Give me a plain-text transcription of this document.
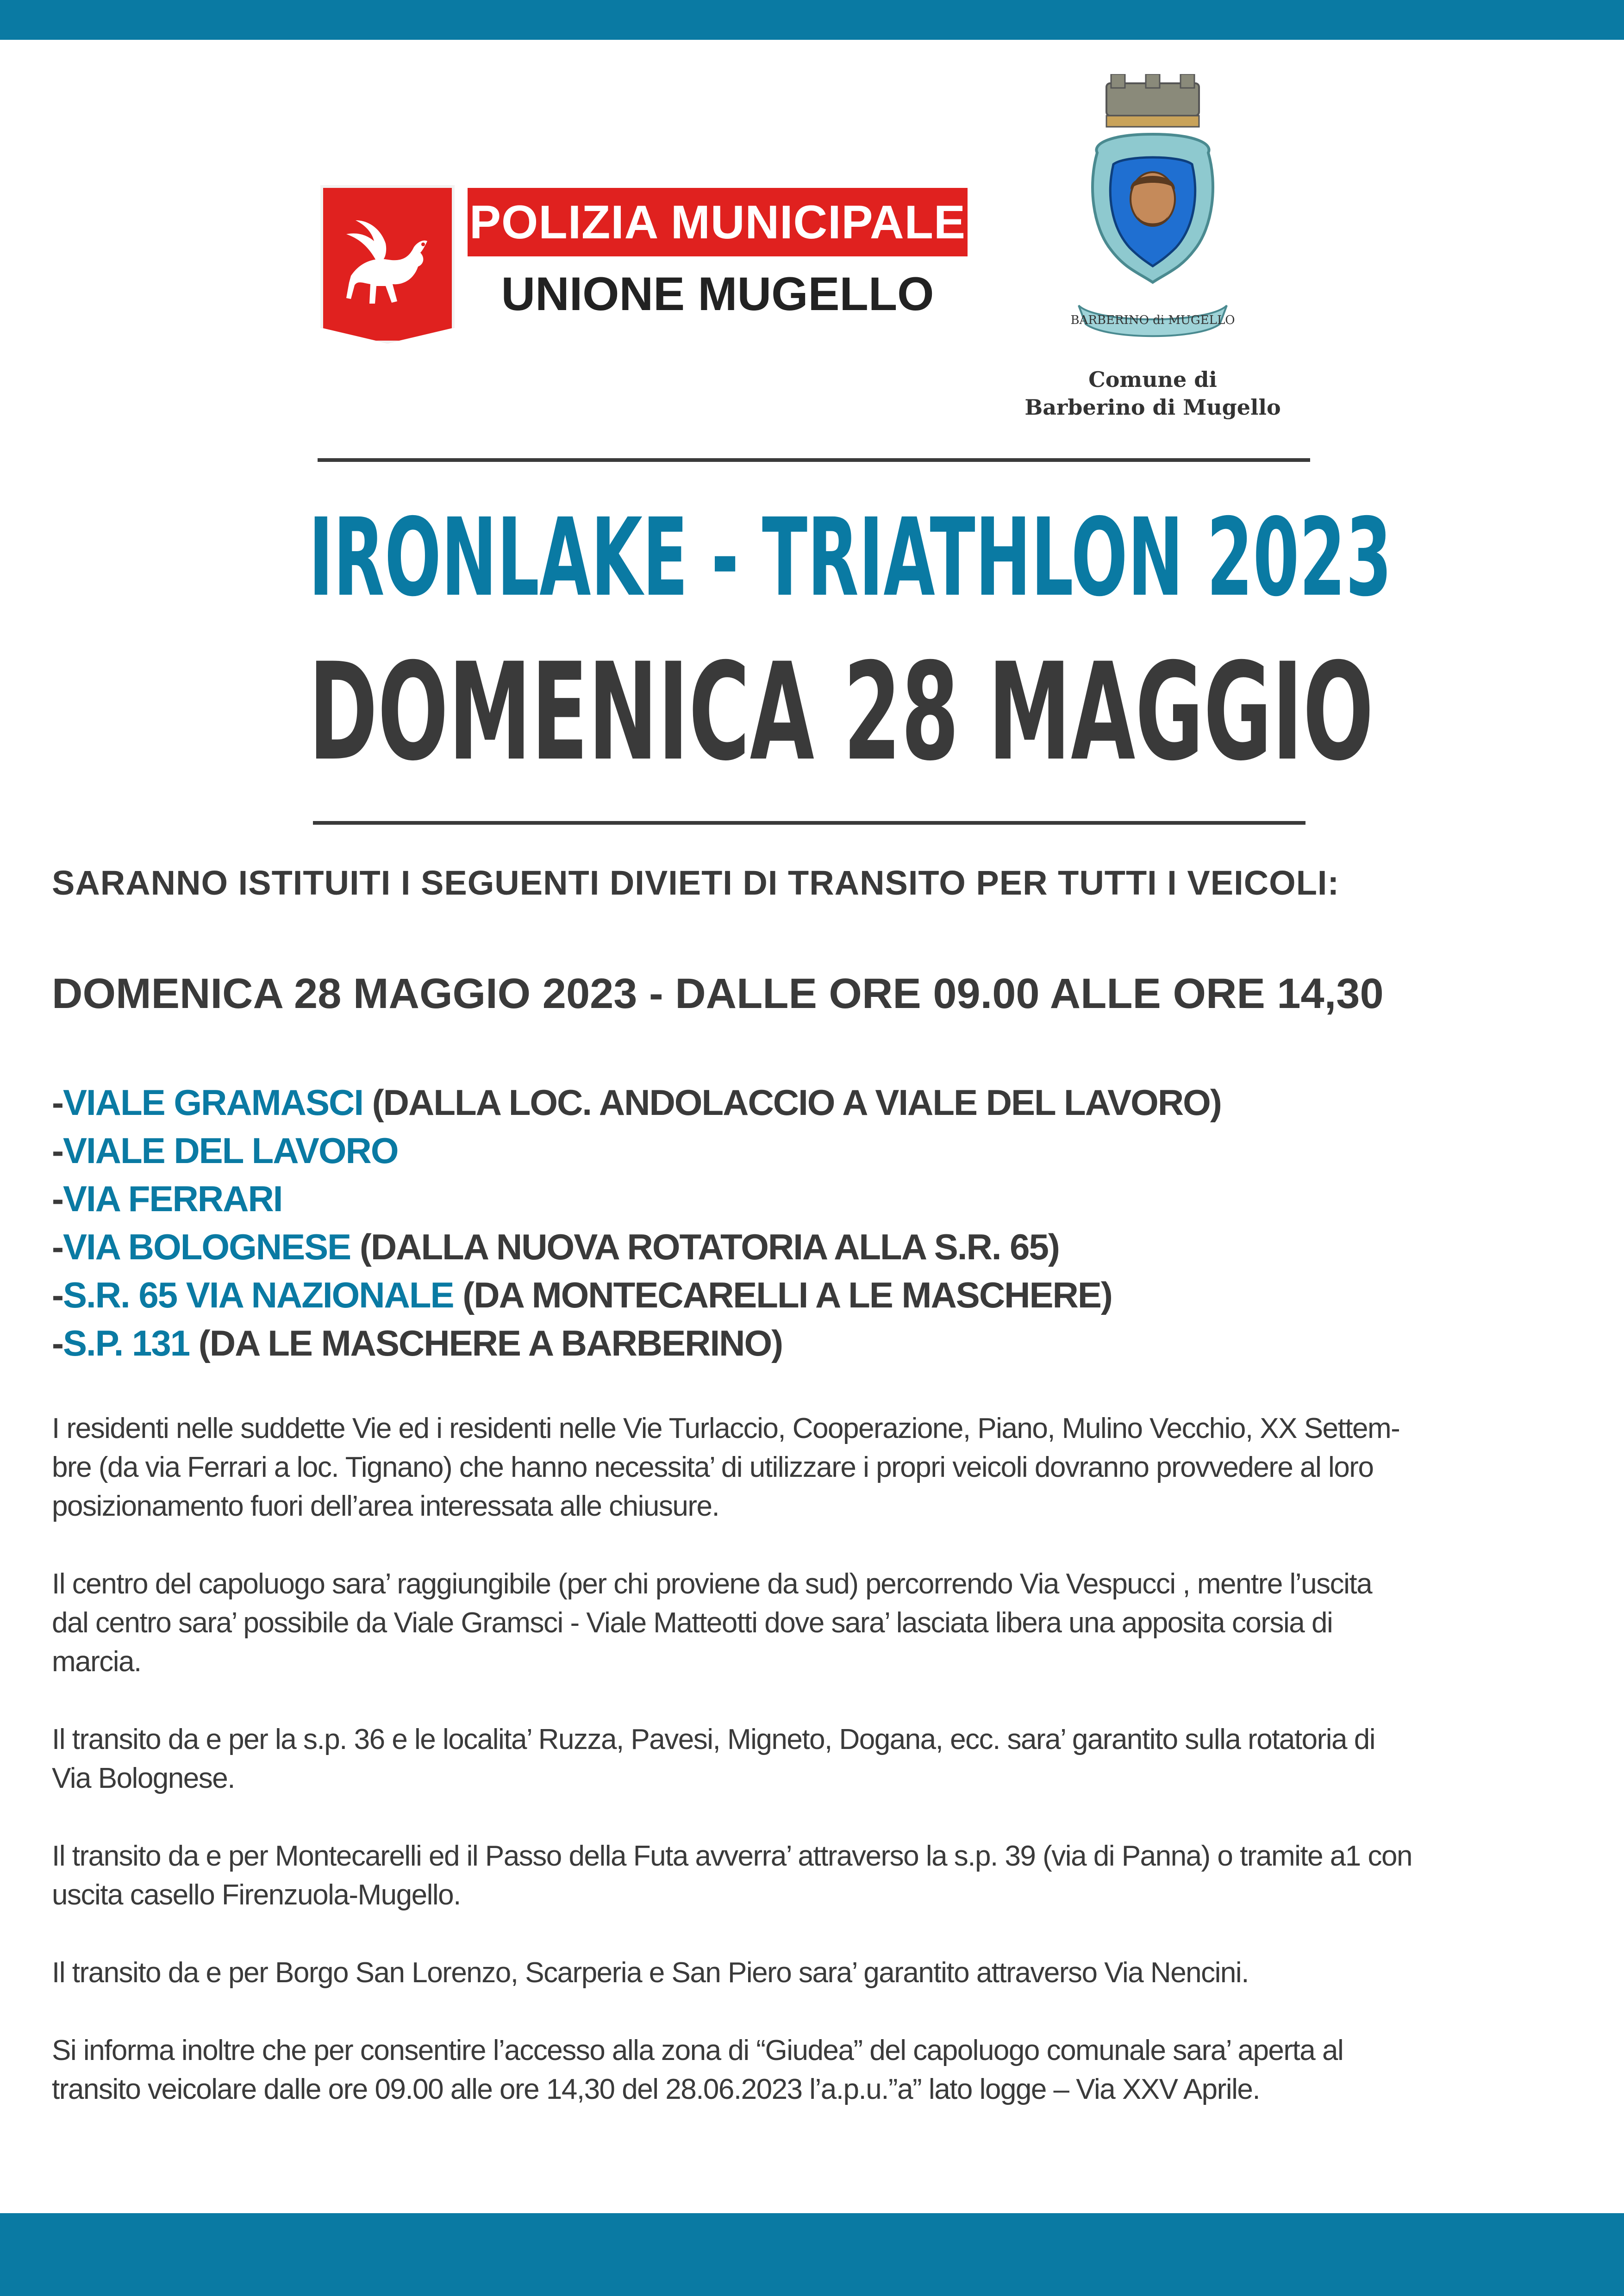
POLIZIA MUNICIPALE
UNIONE MUGELLO	BARBERINO di MUGELLO
Comune di
Barberino di Mugello
IRONLAKE - TRIATHLON 2023
DOMENICA 28 MAGGIO
SARANNO ISTITUITI I SEGUENTI DIVIETI DI TRANSITO PER TUTTI I VEICOLI:
DOMENICA 28 MAGGIO 2023 - DALLE ORE 09.00 ALLE ORE 14,30
-VIALE GRAMASCI (DALLA LOC. ANDOLACCIO A VIALE DEL LAVORO)
-VIALE DEL LAVORO
-VIA FERRARI
-VIA BOLOGNESE (DALLA NUOVA ROTATORIA ALLA S.R. 65)
-S.R. 65 VIA NAZIONALE (DA MONTECARELLI A LE MASCHERE)
-S.P. 131 (DA LE MASCHERE A BARBERINO)

I residenti nelle suddette Vie ed i residenti nelle Vie Turlaccio, Cooperazione, Piano, Mulino Vecchio, XX Settem-
bre (da via Ferrari a loc. Tignano) che hanno necessita’ di utilizzare i propri veicoli dovranno provvedere al loro
posizionamento fuori dell’area interessata alle chiusure.

Il centro del capoluogo sara’ raggiungibile (per chi proviene da sud) percorrendo Via Vespucci , mentre l’uscita
dal centro sara’ possibile da Viale Gramsci - Viale Matteotti dove sara’ lasciata libera una apposita corsia di
marcia.

Il transito da e per la s.p. 36 e le localita’ Ruzza, Pavesi, Migneto, Dogana, ecc. sara’ garantito sulla rotatoria di
Via Bolognese.

Il transito da e per Montecarelli ed il Passo della Futa avverra’ attraverso la s.p. 39 (via di Panna) o tramite a1 con
uscita casello Firenzuola-Mugello.

Il transito da e per Borgo San Lorenzo, Scarperia e San Piero sara’ garantito attraverso Via Nencini.

Si informa inoltre che per consentire l’accesso alla zona di “Giudea” del capoluogo comunale sara’ aperta al
transito veicolare dalle ore 09.00 alle ore 14,30 del 28.06.2023 l’a.p.u.”a” lato logge – Via XXV Aprile.
